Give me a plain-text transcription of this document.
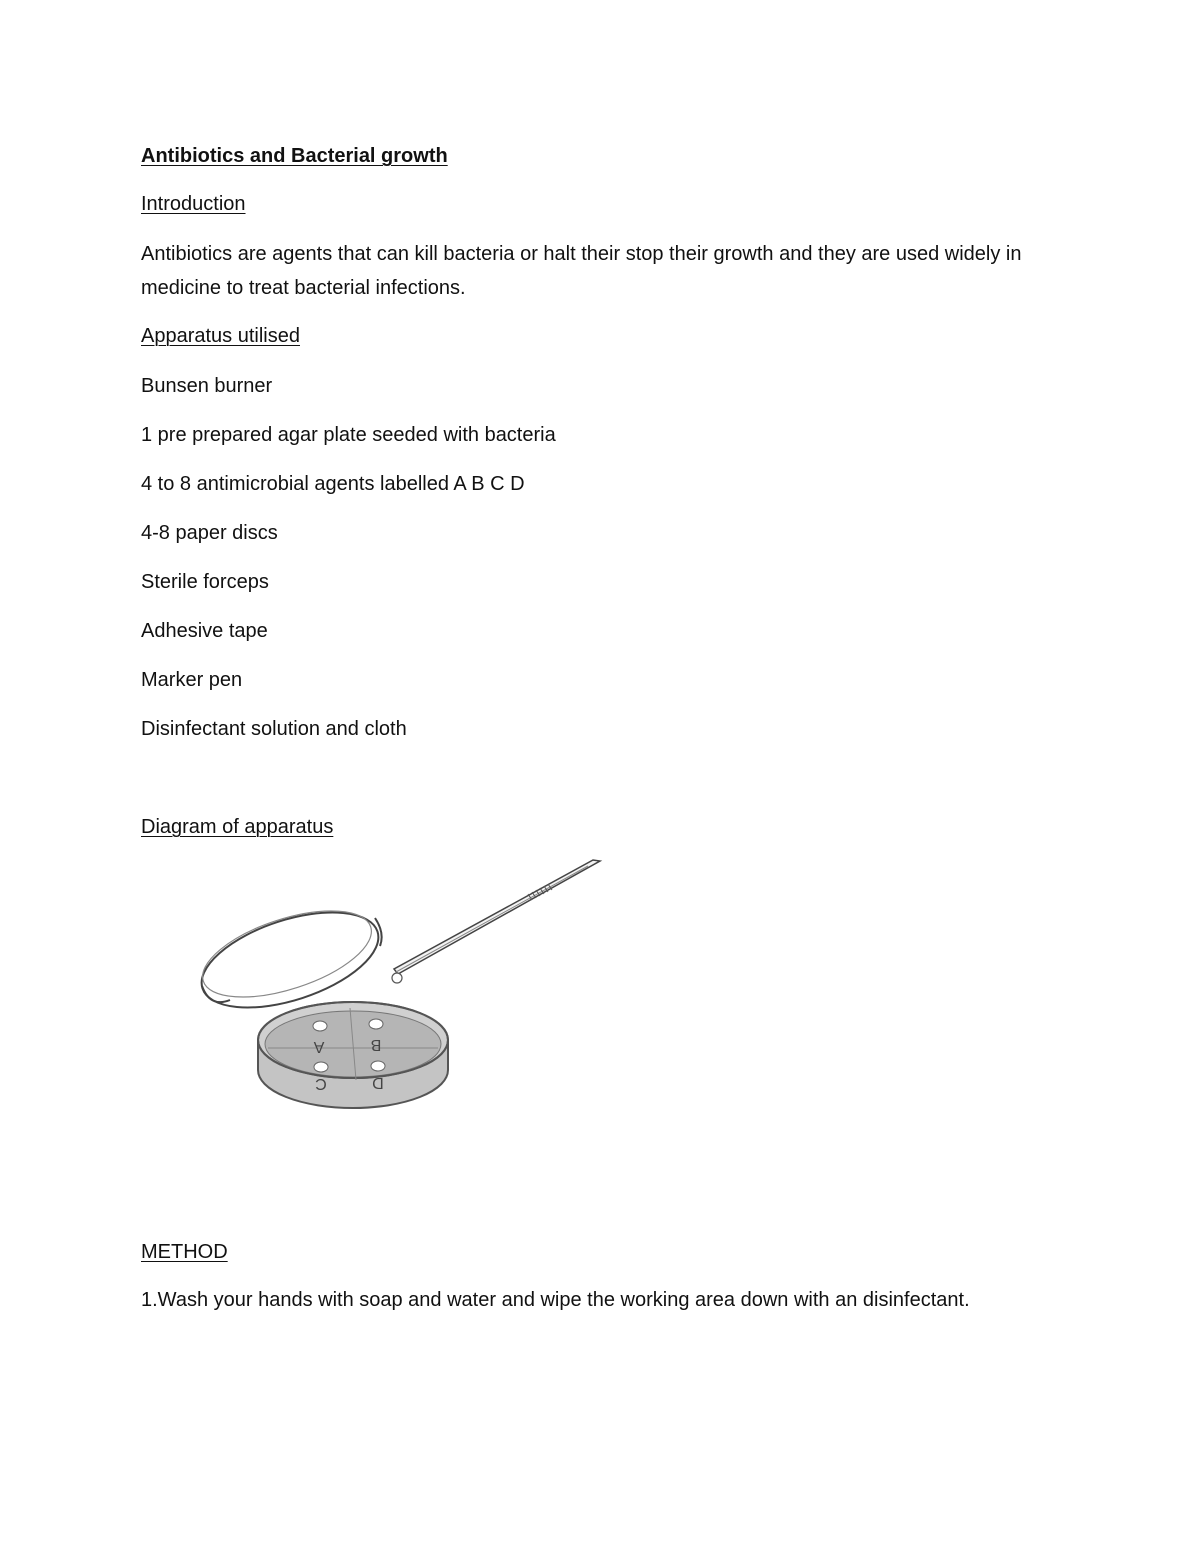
Antibiotics and Bacterial growth
Introduction
Antibiotics are agents that can kill bacteria or halt their stop their growth and they are used widely in medicine to treat bacterial infections.
Apparatus utilised
Bunsen burner
1 pre prepared agar plate seeded with bacteria
4 to 8 antimicrobial agents labelled A B C D
4-8 paper discs
Sterile forceps
Adhesive tape
Marker pen
Disinfectant solution and cloth
Diagram of apparatus
A	B
C	D
METHOD
1.Wash your hands with soap and water and wipe the working area down with an disinfectant.
